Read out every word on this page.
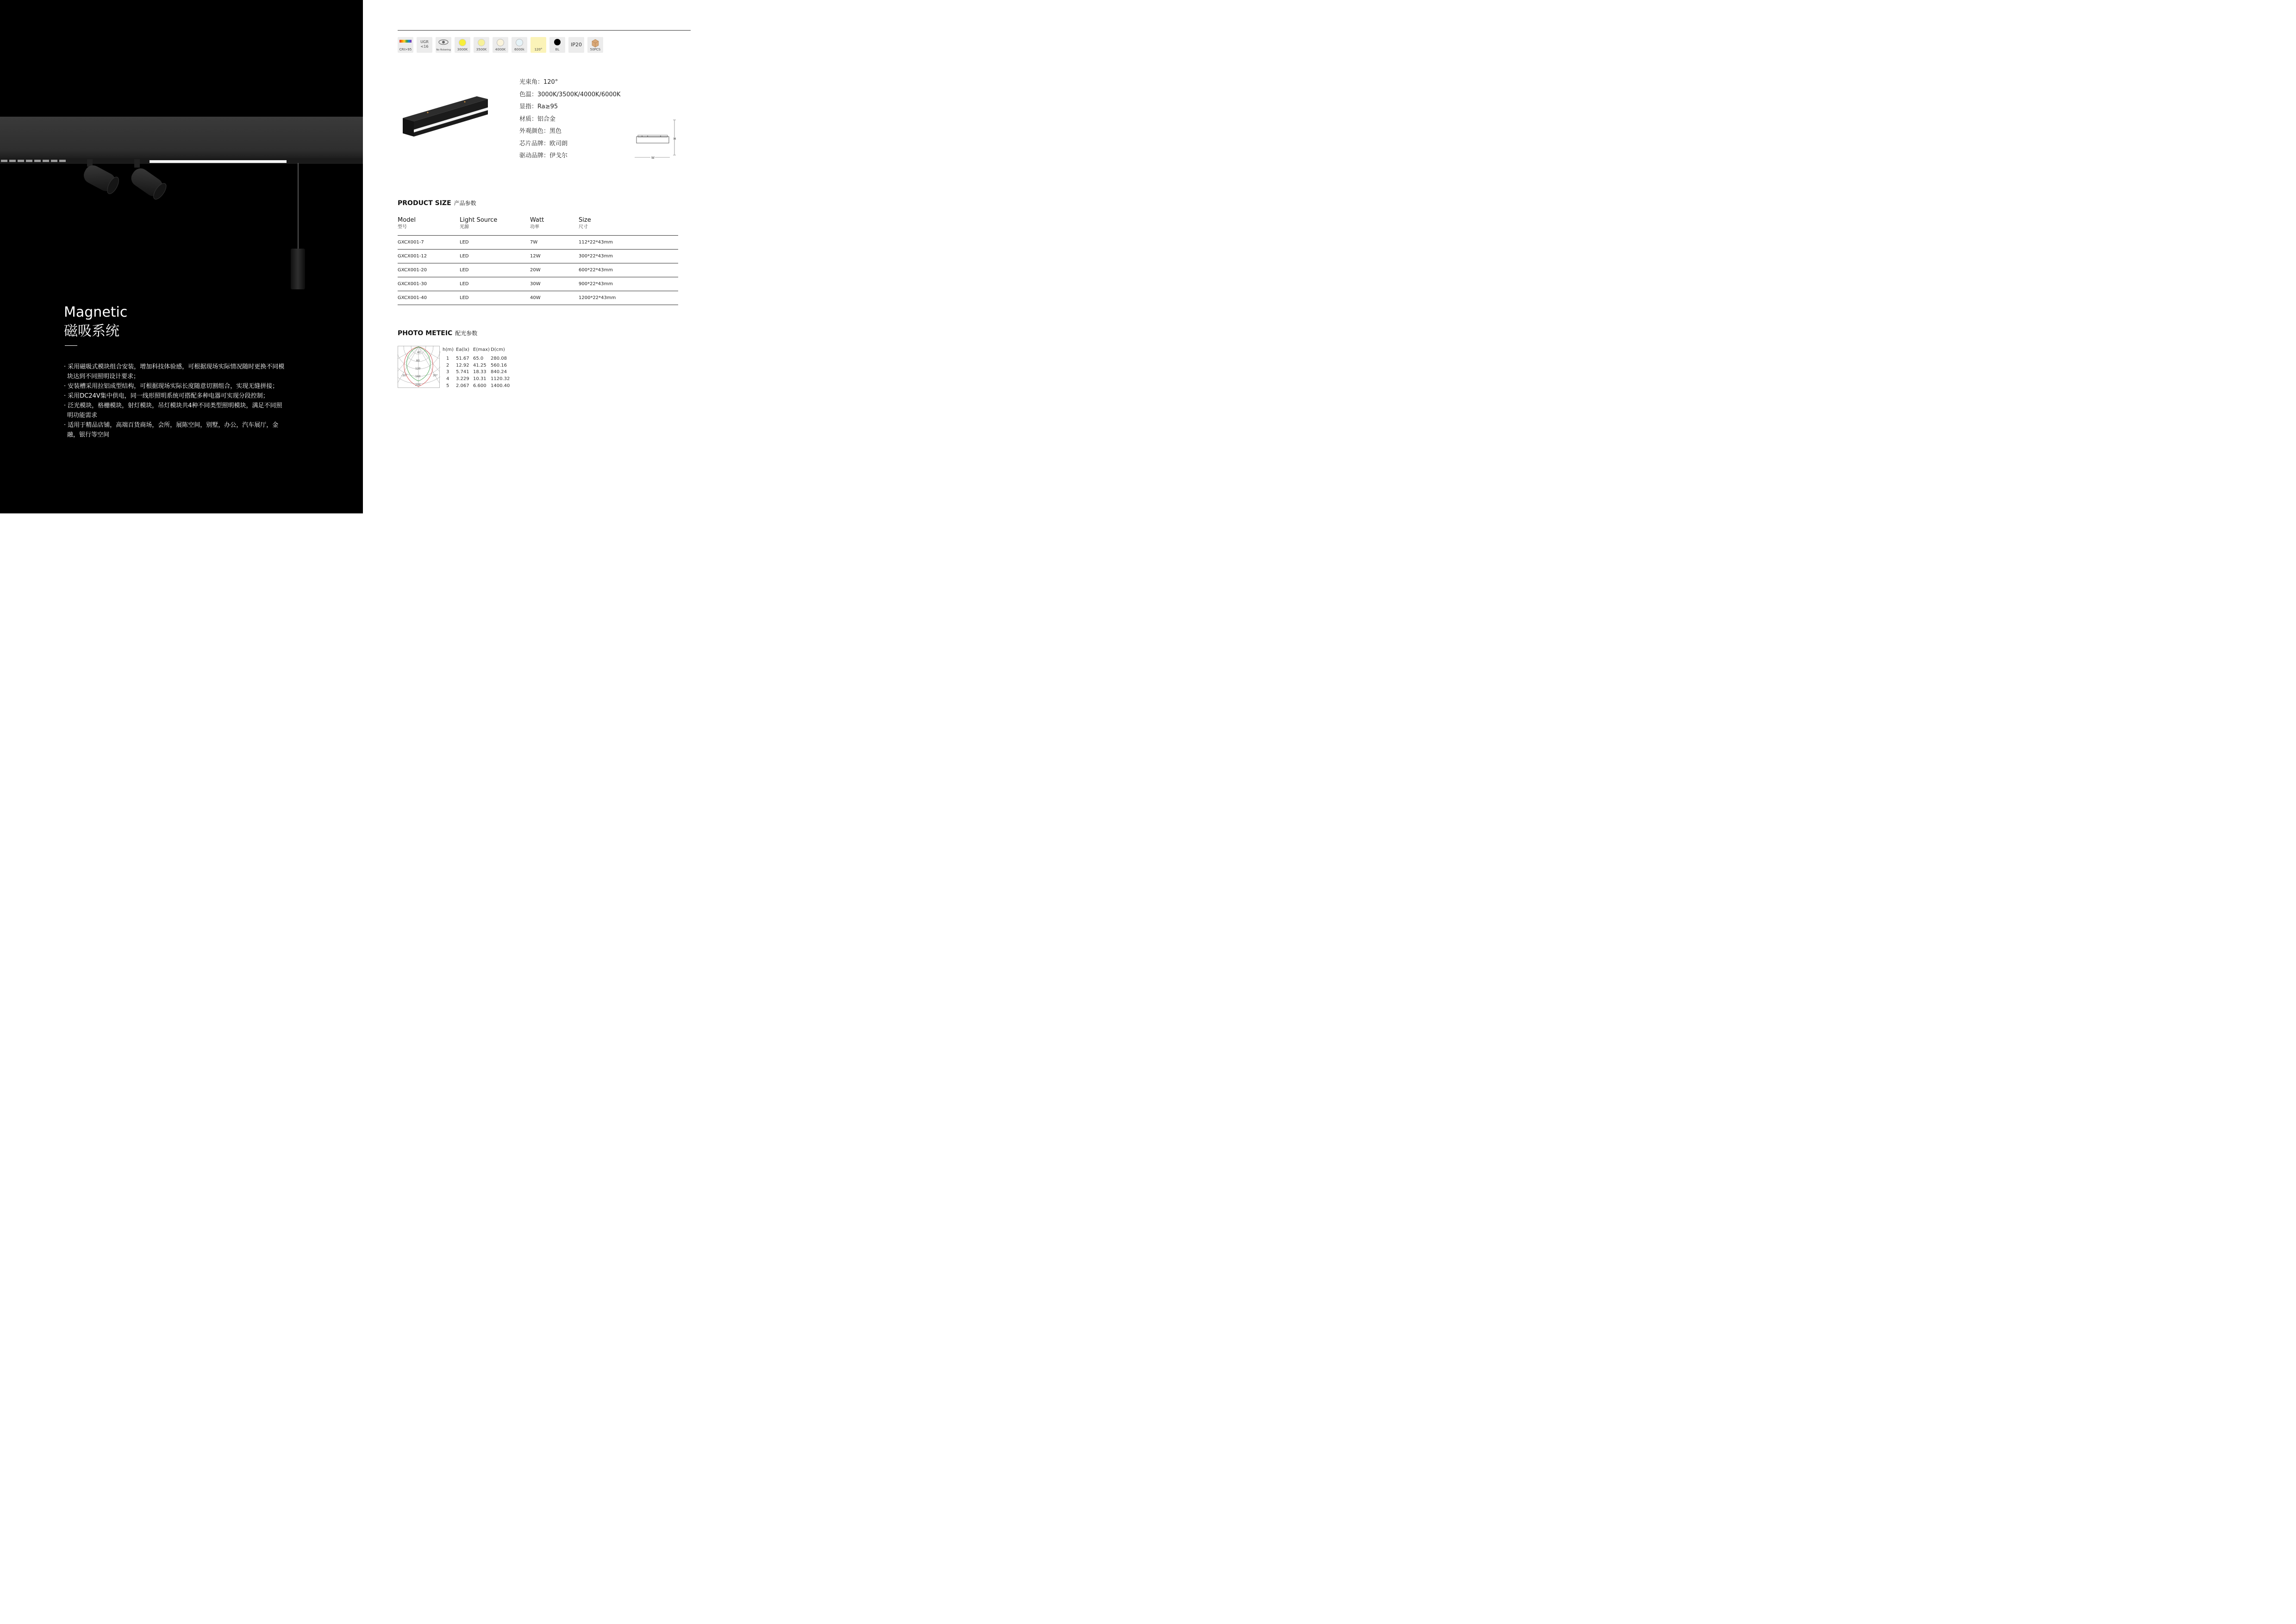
Magnetic
磁吸系统
· 采用磁吸式模块组合安装，增加科技体验感，可根据现场实际情况随时更换不同模块达到不同照明设计要求；
· 安装槽采用拉铝成型结构，可根据现场实际长度随意切割组合，实现无缝拼接；
· 采用DC24V集中供电，同一线形照明系统可搭配多种电器可实现分段控制；
· 泛光模块，格栅模块，射灯模块，吊灯模块共4种不同类型照明模块，满足不同照明功能需求
· 适用于精品店铺，高端百货商场，会所，展陈空间，别墅，办公，汽车展厅，金融，银行等空间
CRI>95
UGR <16
No flickering	3000K	3500K	4000K	6000k	120°	BL
IP20
50PCS
光束角：120°
色温：3000K/3500K/4000K/6000K
显指：Ra≥95
材质：铝合金
外观颜色：黑色
芯片品牌：欧司朗
驱动品牌：伊戈尔
H
W
PRODUCT SIZE 产品参数
Model
型号
Light Source
光源
Watt
功率
Size
尺寸
GXCX001-7	LED	7W	112*22*43mm
GXCX001-12	LED	12W	300*22*43mm
GXCX001-20	LED	20W	600*22*43mm
GXCX001-30	LED	30W	900*22*43mm
GXCX001-40	LED	40W	1200*22*43mm
PHOTO METEIC 配光参数
40
80
120
160
200
-30°	30°
h(m) Ea(lx) E(max) D(cm)
1	51.67 65.0	280.08
2	12.92 41.25 560.16
3	5.741 18.33 840.24
4	3.229 10.31 1120.32
5	2.067 6.600 1400.40
